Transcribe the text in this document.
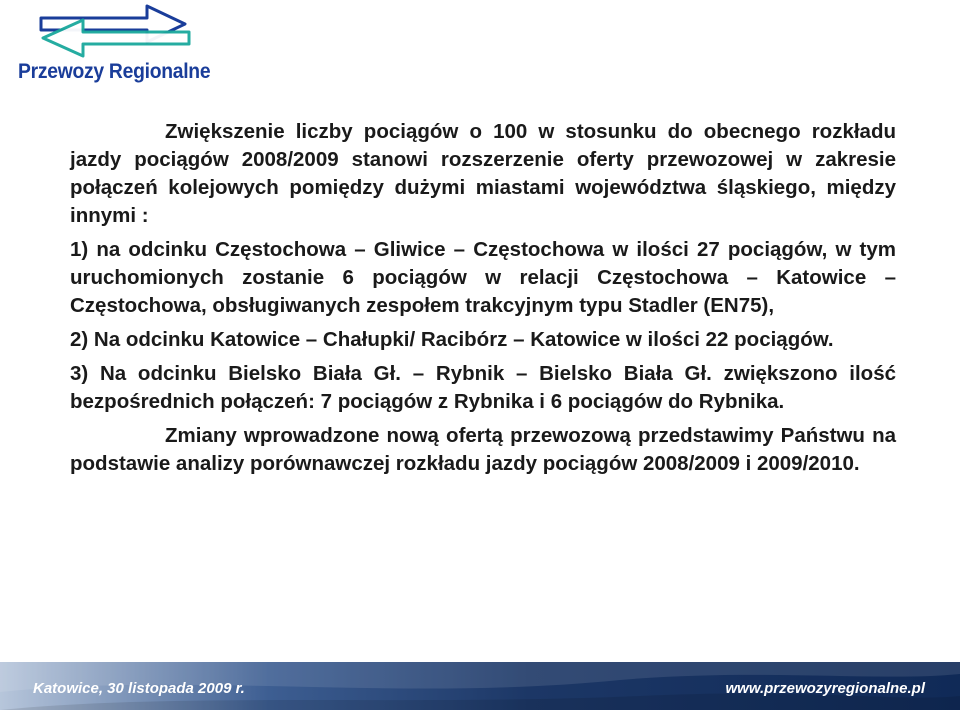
Przewozy Regionalne

Zwiększenie liczby pociągów o 100 w stosunku do obecnego rozkładu jazdy pociągów 2008/2009 stanowi rozszerzenie oferty przewozowej w zakresie połączeń kolejowych pomiędzy dużymi miastami województwa śląskiego, między innymi :

1) na odcinku Częstochowa – Gliwice – Częstochowa w ilości 27 pociągów, w tym uruchomionych zostanie 6 pociągów w relacji Częstochowa – Katowice – Częstochowa, obsługiwanych zespołem trakcyjnym typu Stadler (EN75),

2) Na odcinku Katowice – Chałupki/ Racibórz – Katowice w ilości 22 pociągów.

3) Na odcinku Bielsko Biała Gł. – Rybnik – Bielsko Biała Gł. zwiększono ilość bezpośrednich połączeń: 7 pociągów z Rybnika i 6 pociągów do Rybnika.

Zmiany wprowadzone nową ofertą przewozową przedstawimy Państwu na podstawie analizy porównawczej rozkładu jazdy pociągów 2008/2009 i 2009/2010.

Katowice, 30 listopada 2009 r.	www.przewozyregionalne.pl
